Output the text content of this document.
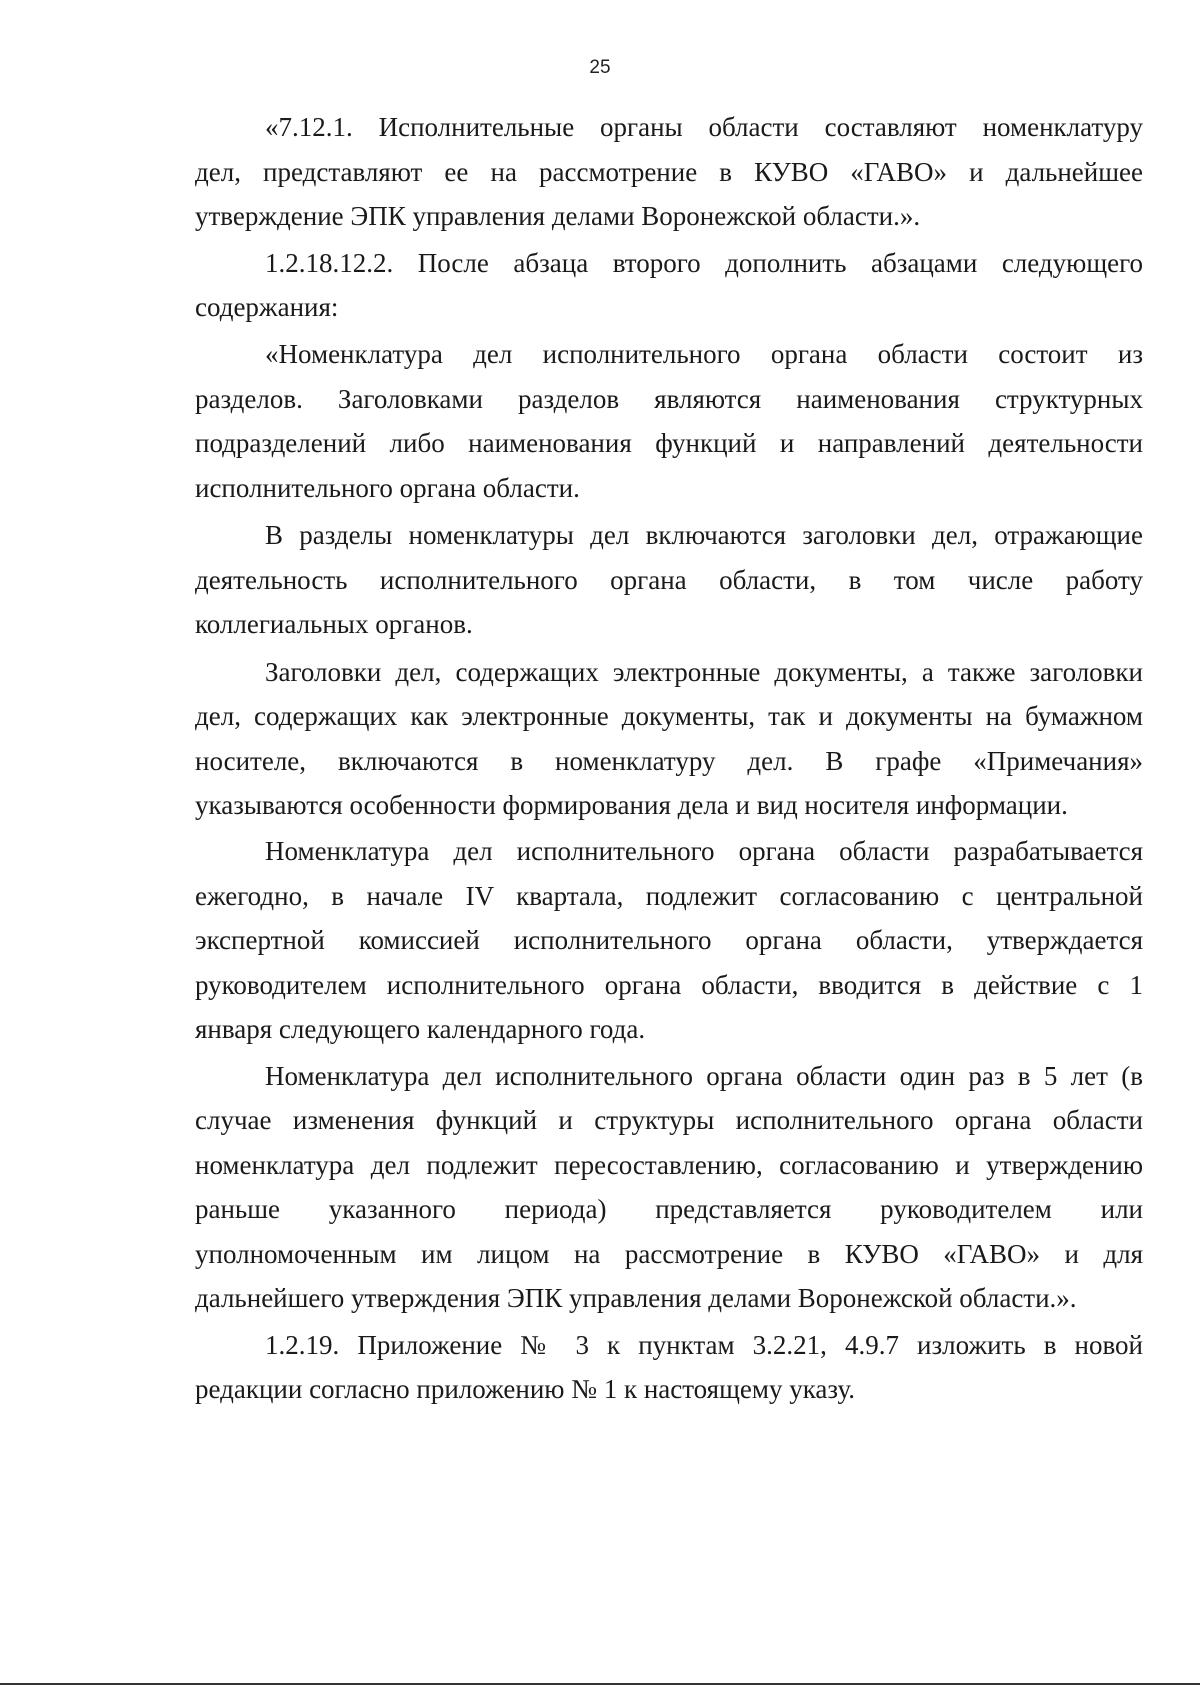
25
«7.12.1. Исполнительные органы области составляют номенклатуру
дел, представляют ее на рассмотрение в КУВО «ГАВО» и дальнейшее
утверждение ЭПК управления делами Воронежской области.».
1.2.18.12.2. После абзаца второго дополнить абзацами следующего
содержания:
«Номенклатура дел исполнительного органа области состоит из
разделов. Заголовками разделов являются наименования структурных
подразделений либо наименования функций и направлений деятельности
исполнительного органа области.
В разделы номенклатуры дел включаются заголовки дел, отражающие
деятельность исполнительного органа области, в том числе работу
коллегиальных органов.
Заголовки дел, содержащих электронные документы, а также заголовки
дел, содержащих как электронные документы, так и документы на бумажном
носителе, включаются в номенклатуру дел. В графе «Примечания»
указываются особенности формирования дела и вид носителя информации.
Номенклатура дел исполнительного органа области разрабатывается
ежегодно, в начале IV квартала, подлежит согласованию с центральной
экспертной комиссией исполнительного органа области, утверждается
руководителем исполнительного органа области, вводится в действие с 1
января следующего календарного года.
Номенклатура дел исполнительного органа области один раз в 5 лет (в
случае изменения функций и структуры исполнительного органа области
номенклатура дел подлежит пересоставлению, согласованию и утверждению
раньше указанного периода) представляется руководителем или
уполномоченным им лицом на рассмотрение в КУВО «ГАВО» и для
дальнейшего утверждения ЭПК управления делами Воронежской области.».
1.2.19. Приложение № 3 к пунктам 3.2.21, 4.9.7 изложить в новой
редакции согласно приложению № 1 к настоящему указу.
